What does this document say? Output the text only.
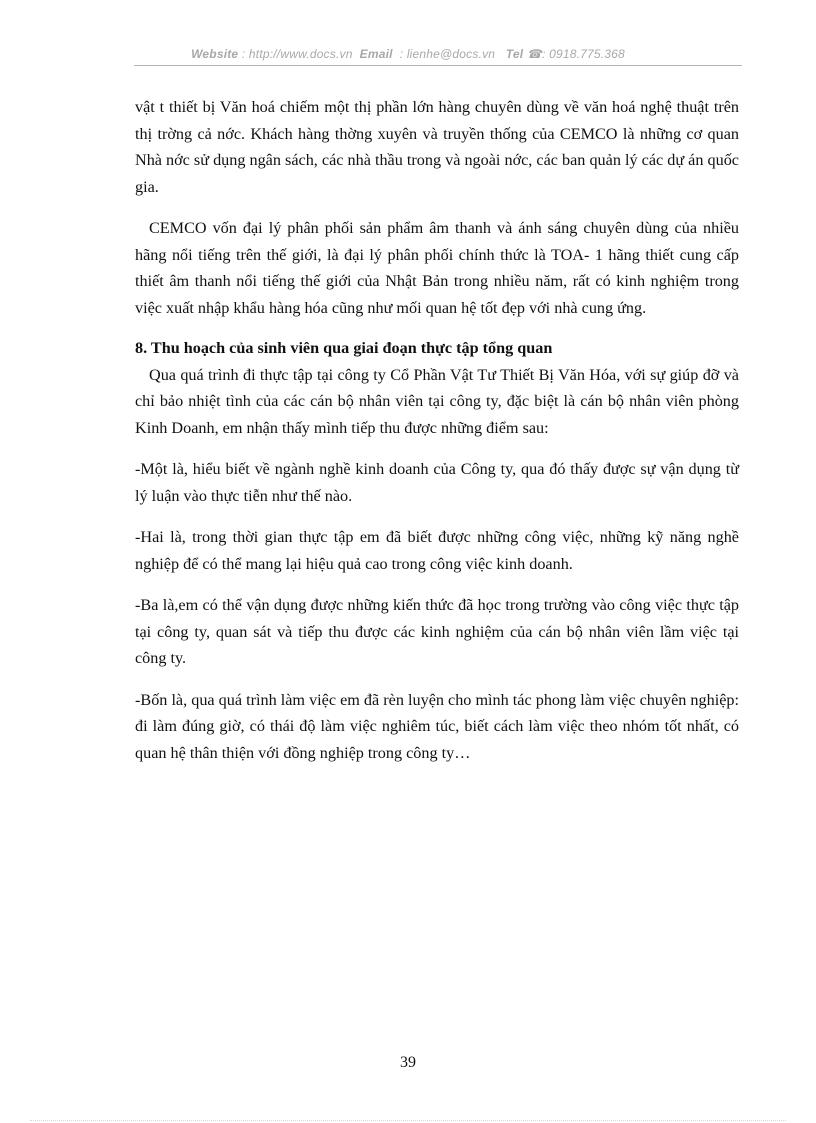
Website : http://www.docs.vn Email : lienhe@docs.vn Tel ☎: 0918.775.368

vật t thiết bị Văn hoá chiếm một thị phần lớn hàng chuyên dùng về văn hoá nghệ thuật trên thị trờng cả nớc. Khách hàng thờng xuyên và truyền thống của CEMCO là những cơ quan Nhà nớc sử dụng ngân sách, các nhà thầu trong và ngoài nớc, các ban quản lý các dự án quốc gia.

CEMCO vốn đại lý phân phối sản phẩm âm thanh và ánh sáng chuyên dùng của nhiều hãng nổi tiếng trên thế giới, là đại lý phân phối chính thức là TOA- 1 hãng thiết cung cấp thiết âm thanh nổi tiếng thế giới của Nhật Bản trong nhiều năm, rất có kinh nghiệm trong việc xuất nhập khẩu hàng hóa cũng như mối quan hệ tốt đẹp với nhà cung ứng.

8. Thu hoạch của sinh viên qua giai đoạn thực tập tổng quan

Qua quá trình đi thực tập tại công ty Cổ Phần Vật Tư Thiết Bị Văn Hóa, với sự giúp đỡ và chỉ bảo nhiệt tình của các cán bộ nhân viên tại công ty, đặc biệt là cán bộ nhân viên phòng Kinh Doanh, em nhận thấy mình tiếp thu được những điểm sau:

-Một là, hiểu biết về ngành nghề kinh doanh của Công ty, qua đó thấy được sự vận dụng từ lý luận vào thực tiễn như thế nào.

-Hai là, trong thời gian thực tập em đã biết được những công việc, những kỹ năng nghề nghiệp để có thể mang lại hiệu quả cao trong công việc kinh doanh.

-Ba là,em có thể vận dụng được những kiến thức đã học trong trường vào công việc thực tập tại công ty, quan sát và tiếp thu được các kinh nghiệm của cán bộ nhân viên lầm việc tại công ty.

-Bốn là, qua quá trình làm việc em đã rèn luyện cho mình tác phong làm việc chuyên nghiệp: đi làm đúng giờ, có thái độ làm việc nghiêm túc, biết cách làm việc theo nhóm tốt nhất, có quan hệ thân thiện với đồng nghiệp trong công ty…

39
